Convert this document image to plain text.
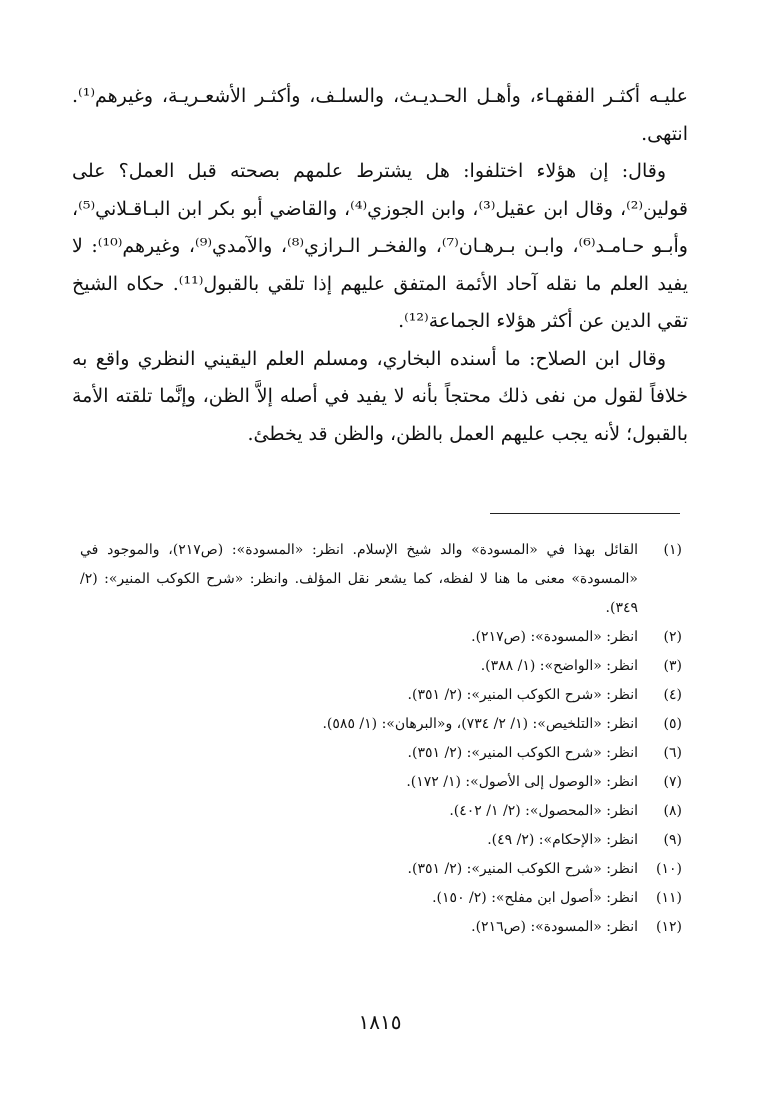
عليـه أكثـر الفقهـاء، وأهـل الحـديـث، والسلـف، وأكثـر الأشعـريـة، وغيرهم⁽¹⁾. انتهى.

وقال: إن هؤلاء اختلفوا: هل يشترط علمهم بصحته قبل العمل؟ على قولين⁽²⁾، وقال ابن عقيل⁽³⁾، وابن الجوزي⁽⁴⁾، والقاضي أبو بكر ابن البـاقـلاني⁽⁵⁾، وأبـو حـامـد⁽⁶⁾، وابـن بـرهـان⁽⁷⁾، والفخـر الـرازي⁽⁸⁾، والآمدي⁽⁹⁾، وغيرهم⁽¹⁰⁾: لا يفيد العلم ما نقله آحاد الأئمة المتفق عليهم إذا تلقي بالقبول⁽¹¹⁾. حكاه الشيخ تقي الدين عن أكثر هؤلاء الجماعة⁽¹²⁾.

وقال ابن الصلاح: ما أسنده البخاري، ومسلم العلم اليقيني النظري واقع به خلافاً لقول من نفى ذلك محتجاً بأنه لا يفيد في أصله إلاَّ الظن، وإنَّما تلقته الأمة بالقبول؛ لأنه يجب عليهم العمل بالظن، والظن قد يخطئ.

(١)
القائل بهذا في «المسودة» والد شيخ الإسلام. انظر: «المسودة»: (ص٢١٧)، والموجود في «المسودة» معنى ما هنا لا لفظه، كما يشعر نقل المؤلف. وانظر: «شرح الكوكب المنير»: (٢/ ٣٤٩).
(٢)
انظر: «المسودة»: (ص٢١٧).
(٣)
انظر: «الواضح»: (١/ ٣٨٨).
(٤)
انظر: «شرح الكوكب المنير»: (٢/ ٣٥١).
(٥)
انظر: «التلخيص»: (١/ ٢/ ٧٣٤)، و«البرهان»: (١/ ٥٨٥).
(٦)
انظر: «شرح الكوكب المنير»: (٢/ ٣٥١).
(٧)
انظر: «الوصول إلى الأصول»: (١/ ١٧٢).
(٨)
انظر: «المحصول»: (٢/ ١/ ٤٠٢).
(٩)
انظر: «الإحكام»: (٢/ ٤٩).
(١٠)
انظر: «شرح الكوكب المنير»: (٢/ ٣٥١).
(١١)
انظر: «أصول ابن مفلح»: (٢/ ١٥٠).
(١٢)
انظر: «المسودة»: (ص٢١٦).
١٨١٥
